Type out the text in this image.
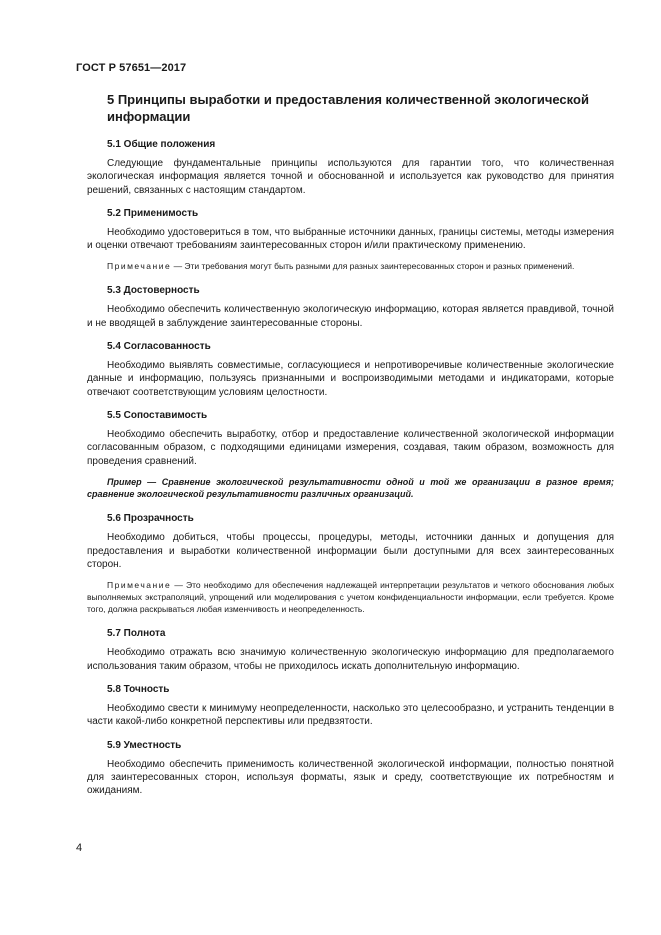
ГОСТ Р 57651—2017
5 Принципы выработки и предоставления количественной экологической информации
5.1 Общие положения

Следующие фундаментальные принципы используются для гарантии того, что количественная экологическая информация является точной и обоснованной и используется как руководство для принятия решений, связанных с настоящим стандартом.

5.2 Применимость

Необходимо удостовериться в том, что выбранные источники данных, границы системы, методы измерения и оценки отвечают требованиям заинтересованных сторон и/или практическому применению.

Примечание — Эти требования могут быть разными для разных заинтересованных сторон и разных применений.

5.3 Достоверность

Необходимо обеспечить количественную экологическую информацию, которая является правдивой, точной и не вводящей в заблуждение заинтересованные стороны.

5.4 Согласованность

Необходимо выявлять совместимые, согласующиеся и непротиворечивые количественные экологические данные и информацию, пользуясь признанными и воспроизводимыми методами и индикаторами, которые отвечают соответствующим условиям целостности.

5.5 Сопоставимость

Необходимо обеспечить выработку, отбор и предоставление количественной экологической информации согласованным образом, с подходящими единицами измерения, создавая, таким образом, возможность для проведения сравнений.

Пример — Сравнение экологической результативности одной и той же организации в разное время; сравнение экологической результативности различных организаций.

5.6 Прозрачность

Необходимо добиться, чтобы процессы, процедуры, методы, источники данных и допущения для предоставления и выработки количественной информации были доступными для всех заинтересованных сторон.

Примечание — Это необходимо для обеспечения надлежащей интерпретации результатов и четкого обоснования любых выполняемых экстраполяций, упрощений или моделирования с учетом конфиденциальности информации, если требуется. Кроме того, должна раскрываться любая изменчивость и неопределенность.

5.7 Полнота

Необходимо отражать всю значимую количественную экологическую информацию для предполагаемого использования таким образом, чтобы не приходилось искать дополнительную информацию.

5.8 Точность

Необходимо свести к минимуму неопределенности, насколько это целесообразно, и устранить тенденции в части какой-либо конкретной перспективы или предвзятости.

5.9 Уместность

Необходимо обеспечить применимость количественной экологической информации, полностью понятной для заинтересованных сторон, используя форматы, язык и среду, соответствующие их потребностям и ожиданиям.

4
